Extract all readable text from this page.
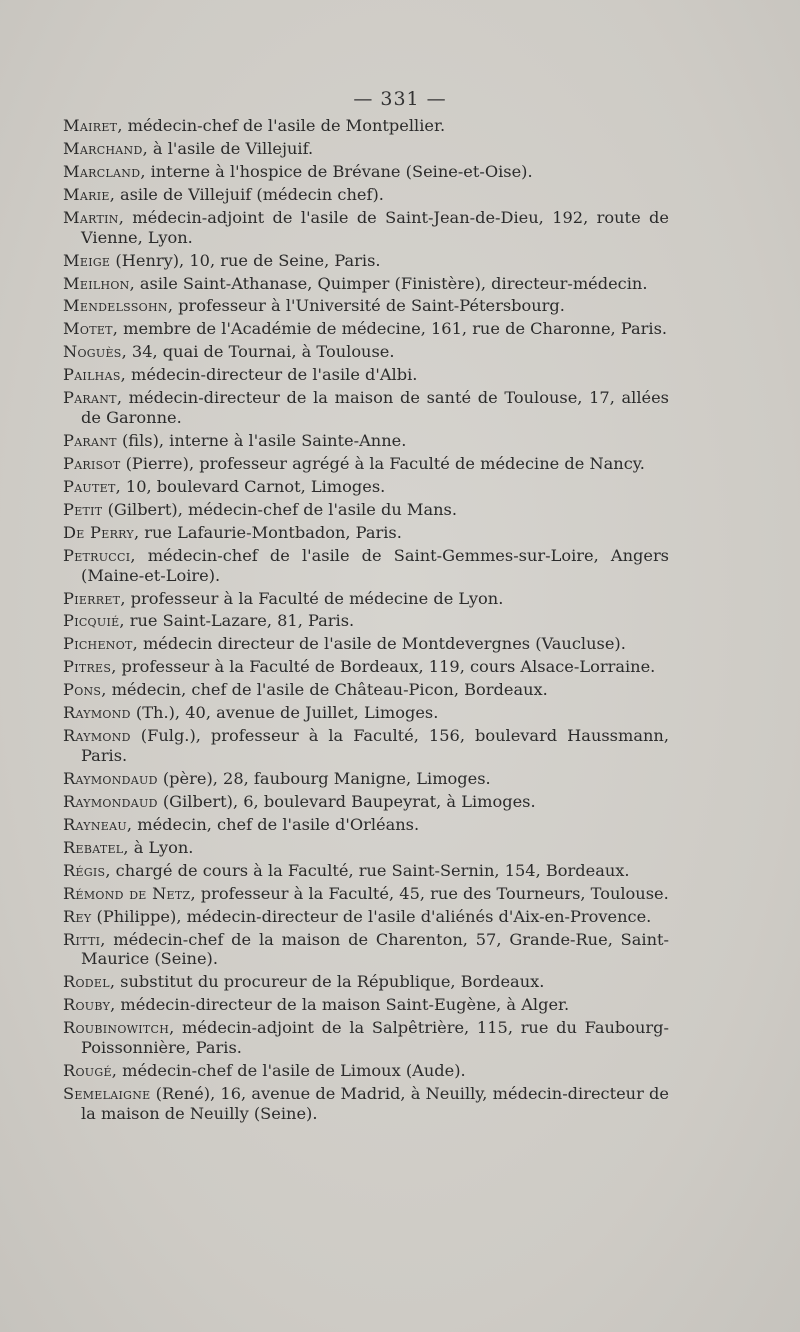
— 331 —

Mairet, médecin-chef de l'asile de Montpellier.

Marchand, à l'asile de Villejuif.

Marcland, interne à l'hospice de Brévane (Seine-et-Oise).

Marie, asile de Villejuif (médecin chef).

Martin, médecin-adjoint de l'asile de Saint-Jean-de-Dieu, 192, route de Vienne, Lyon.

Meige (Henry), 10, rue de Seine, Paris.

Meilhon, asile Saint-Athanase, Quimper (Finistère), directeur-médecin.

Mendelssohn, professeur à l'Université de Saint-Pétersbourg.

Motet, membre de l'Académie de médecine, 161, rue de Charonne, Paris.

Noguès, 34, quai de Tournai, à Toulouse.

Pailhas, médecin-directeur de l'asile d'Albi.

Parant, médecin-directeur de la maison de santé de Toulouse, 17, allées de Garonne.

Parant (fils), interne à l'asile Sainte-Anne.

Parisot (Pierre), professeur agrégé à la Faculté de médecine de Nancy.

Pautet, 10, boulevard Carnot, Limoges.

Petit (Gilbert), médecin-chef de l'asile du Mans.

De Perry, rue Lafaurie-Montbadon, Paris.

Petrucci, médecin-chef de l'asile de Saint-Gemmes-sur-Loire, Angers (Maine-et-Loire).

Pierret, professeur à la Faculté de médecine de Lyon.

Picquié, rue Saint-Lazare, 81, Paris.

Pichenot, médecin directeur de l'asile de Montdevergnes (Vaucluse).

Pitres, professeur à la Faculté de Bordeaux, 119, cours Alsace-Lorraine.

Pons, médecin, chef de l'asile de Château-Picon, Bordeaux.

Raymond (Th.), 40, avenue de Juillet, Limoges.

Raymond (Fulg.), professeur à la Faculté, 156, boulevard Haussmann, Paris.

Raymondaud (père), 28, faubourg Manigne, Limoges.

Raymondaud (Gilbert), 6, boulevard Baupeyrat, à Limoges.

Rayneau, médecin, chef de l'asile d'Orléans.

Rebatel, à Lyon.

Régis, chargé de cours à la Faculté, rue Saint-Sernin, 154, Bordeaux.

Rémond de Netz, professeur à la Faculté, 45, rue des Tourneurs, Toulouse.

Rey (Philippe), médecin-directeur de l'asile d'aliénés d'Aix-en-Provence.

Ritti, médecin-chef de la maison de Charenton, 57, Grande-Rue, Saint-Maurice (Seine).

Rodel, substitut du procureur de la République, Bordeaux.

Rouby, médecin-directeur de la maison Saint-Eugène, à Alger.

Roubinowitch, médecin-adjoint de la Salpêtrière, 115, rue du Faubourg-Poissonnière, Paris.

Rougé, médecin-chef de l'asile de Limoux (Aude).

Semelaigne (René), 16, avenue de Madrid, à Neuilly, médecin-directeur de la maison de Neuilly (Seine).
